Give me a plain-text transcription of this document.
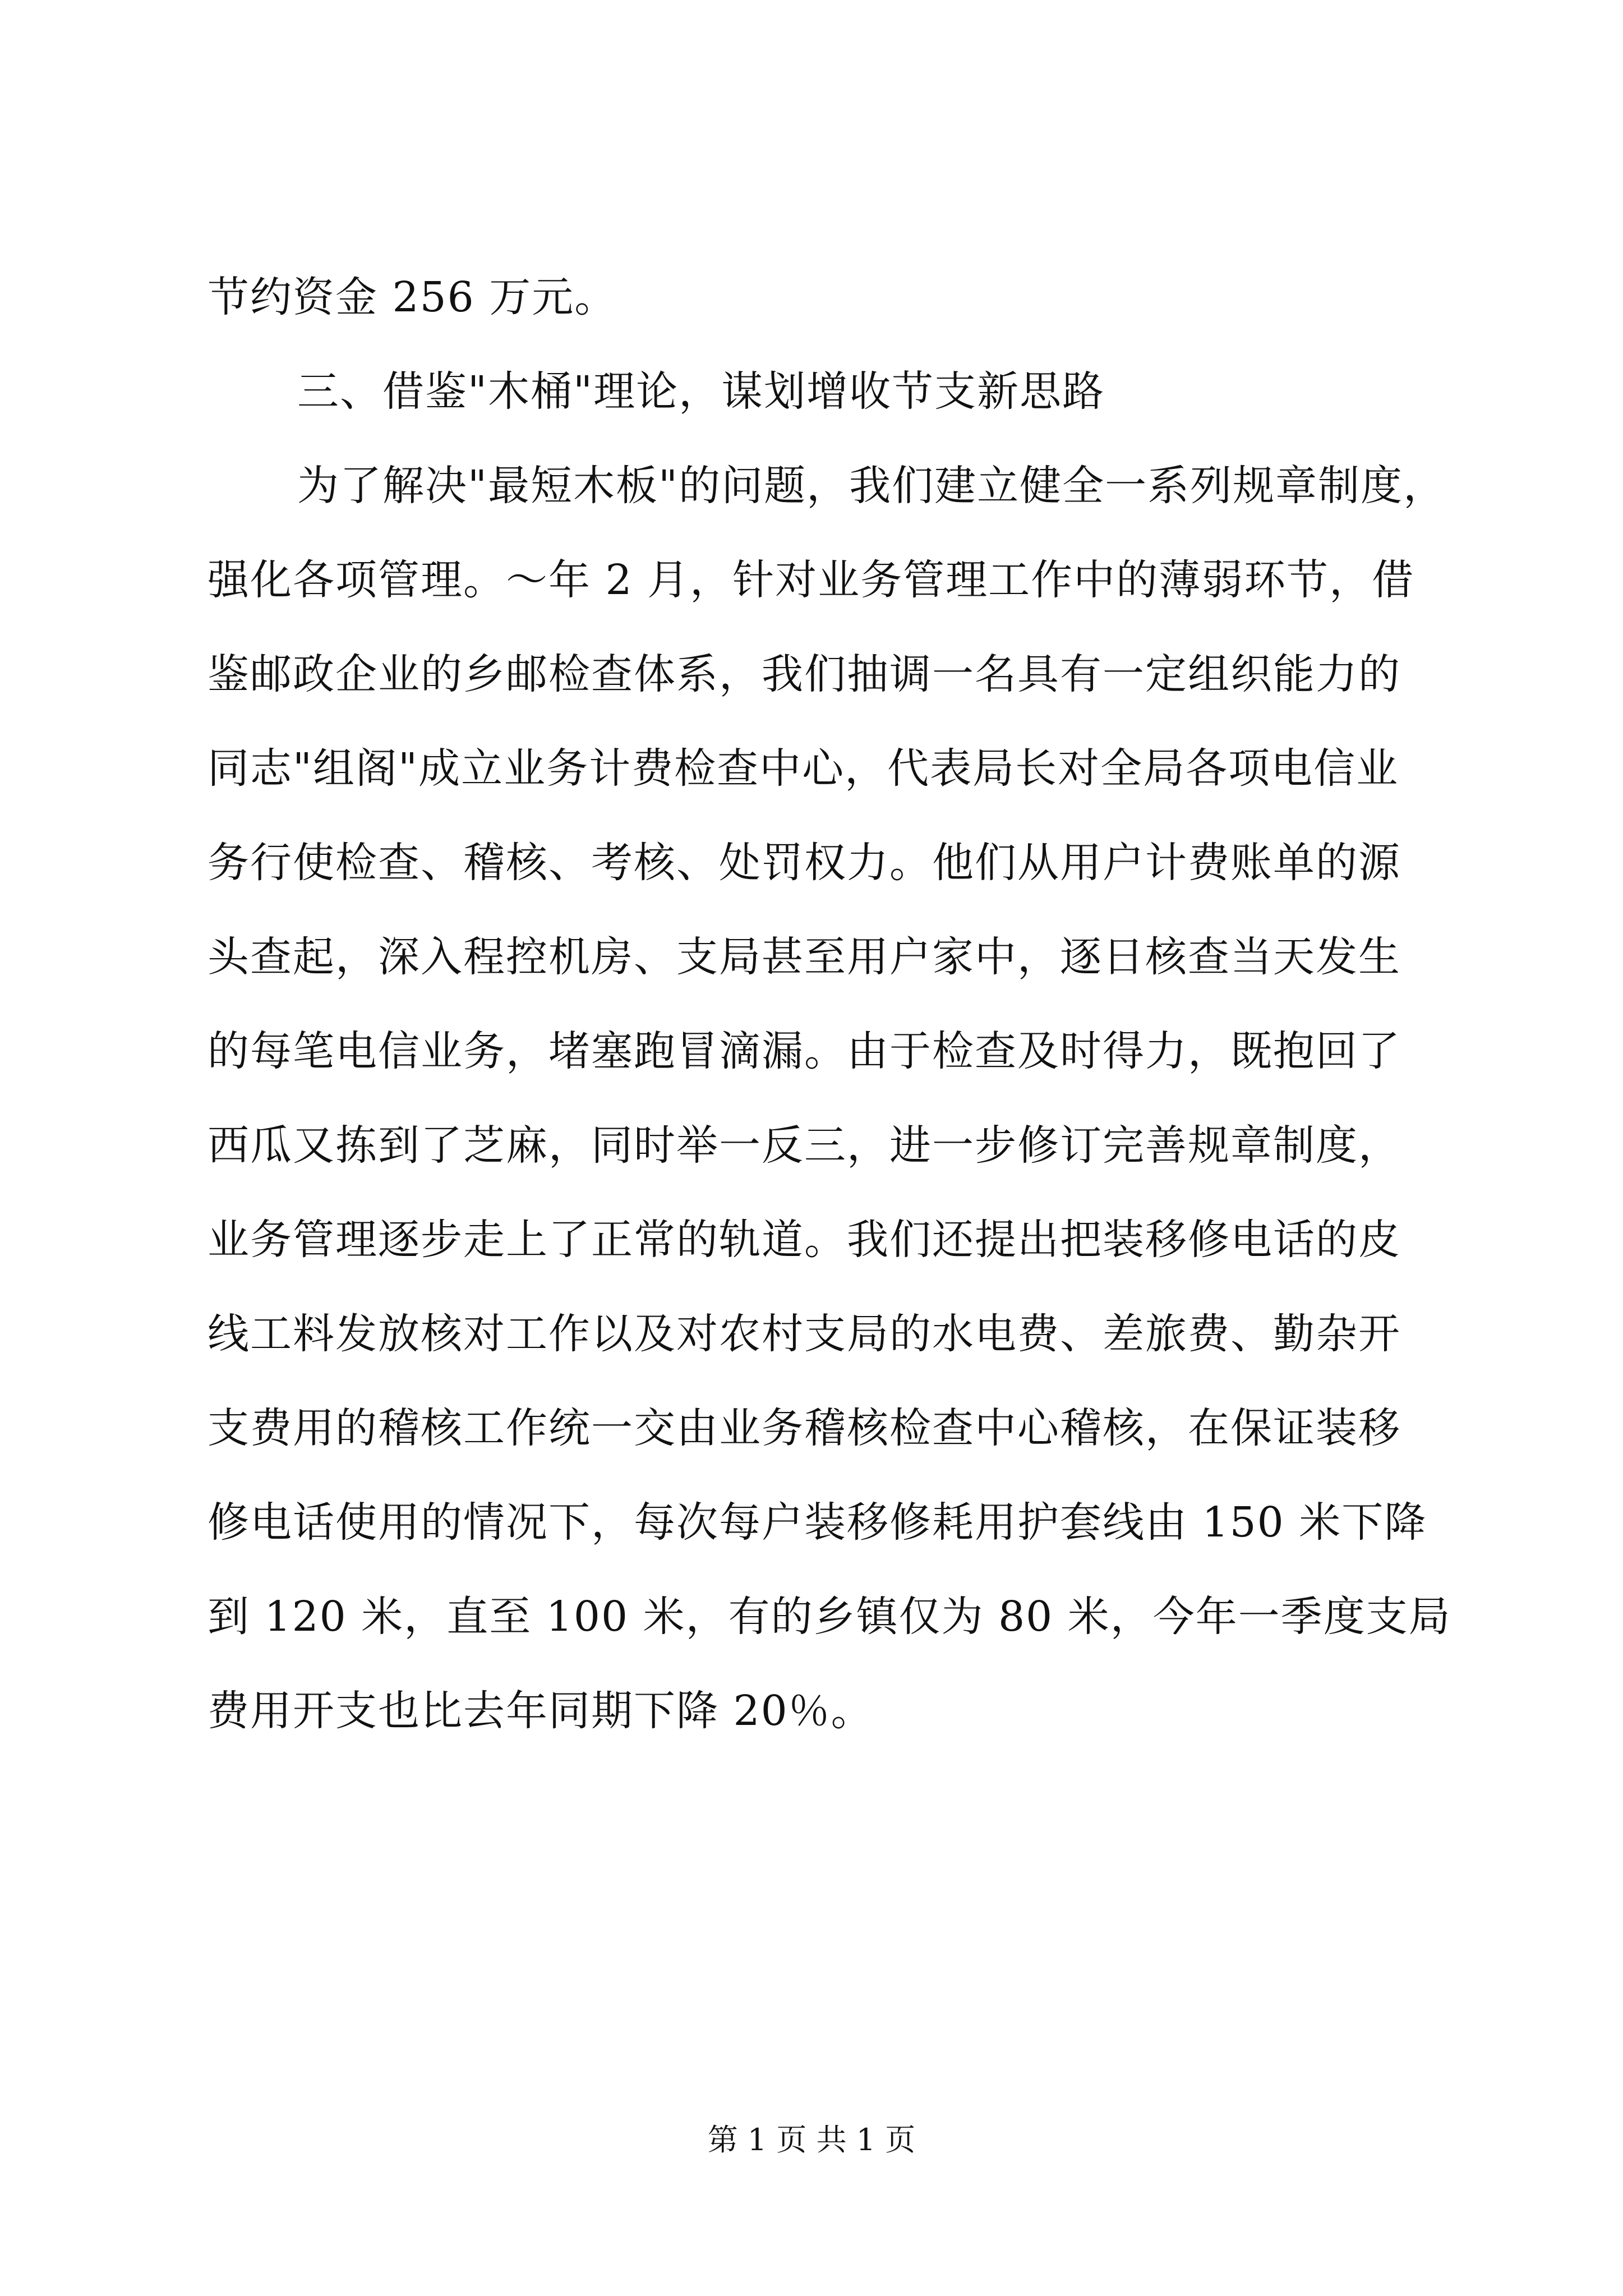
节约资金 256 万元。
三、借鉴"木桶"理论，谋划增收节支新思路
为了解决"最短木板"的问题，我们建立健全一系列规章制度，
强化各项管理。～年 2 月，针对业务管理工作中的薄弱环节，借
鉴邮政企业的乡邮检查体系，我们抽调一名具有一定组织能力的
同志"组阁"成立业务计费检查中心，代表局长对全局各项电信业
务行使检查、稽核、考核、处罚权力。他们从用户计费账单的源
头查起，深入程控机房、支局甚至用户家中，逐日核查当天发生
的每笔电信业务，堵塞跑冒滴漏。由于检查及时得力，既抱回了
西瓜又拣到了芝麻，同时举一反三，进一步修订完善规章制度，
业务管理逐步走上了正常的轨道。我们还提出把装移修电话的皮
线工料发放核对工作以及对农村支局的水电费、差旅费、勤杂开
支费用的稽核工作统一交由业务稽核检查中心稽核，在保证装移
修电话使用的情况下，每次每户装移修耗用护套线由 150 米下降
到 120 米，直至 100 米，有的乡镇仅为 80 米，今年一季度支局
费用开支也比去年同期下降 20％。
第 1 页 共 1 页
